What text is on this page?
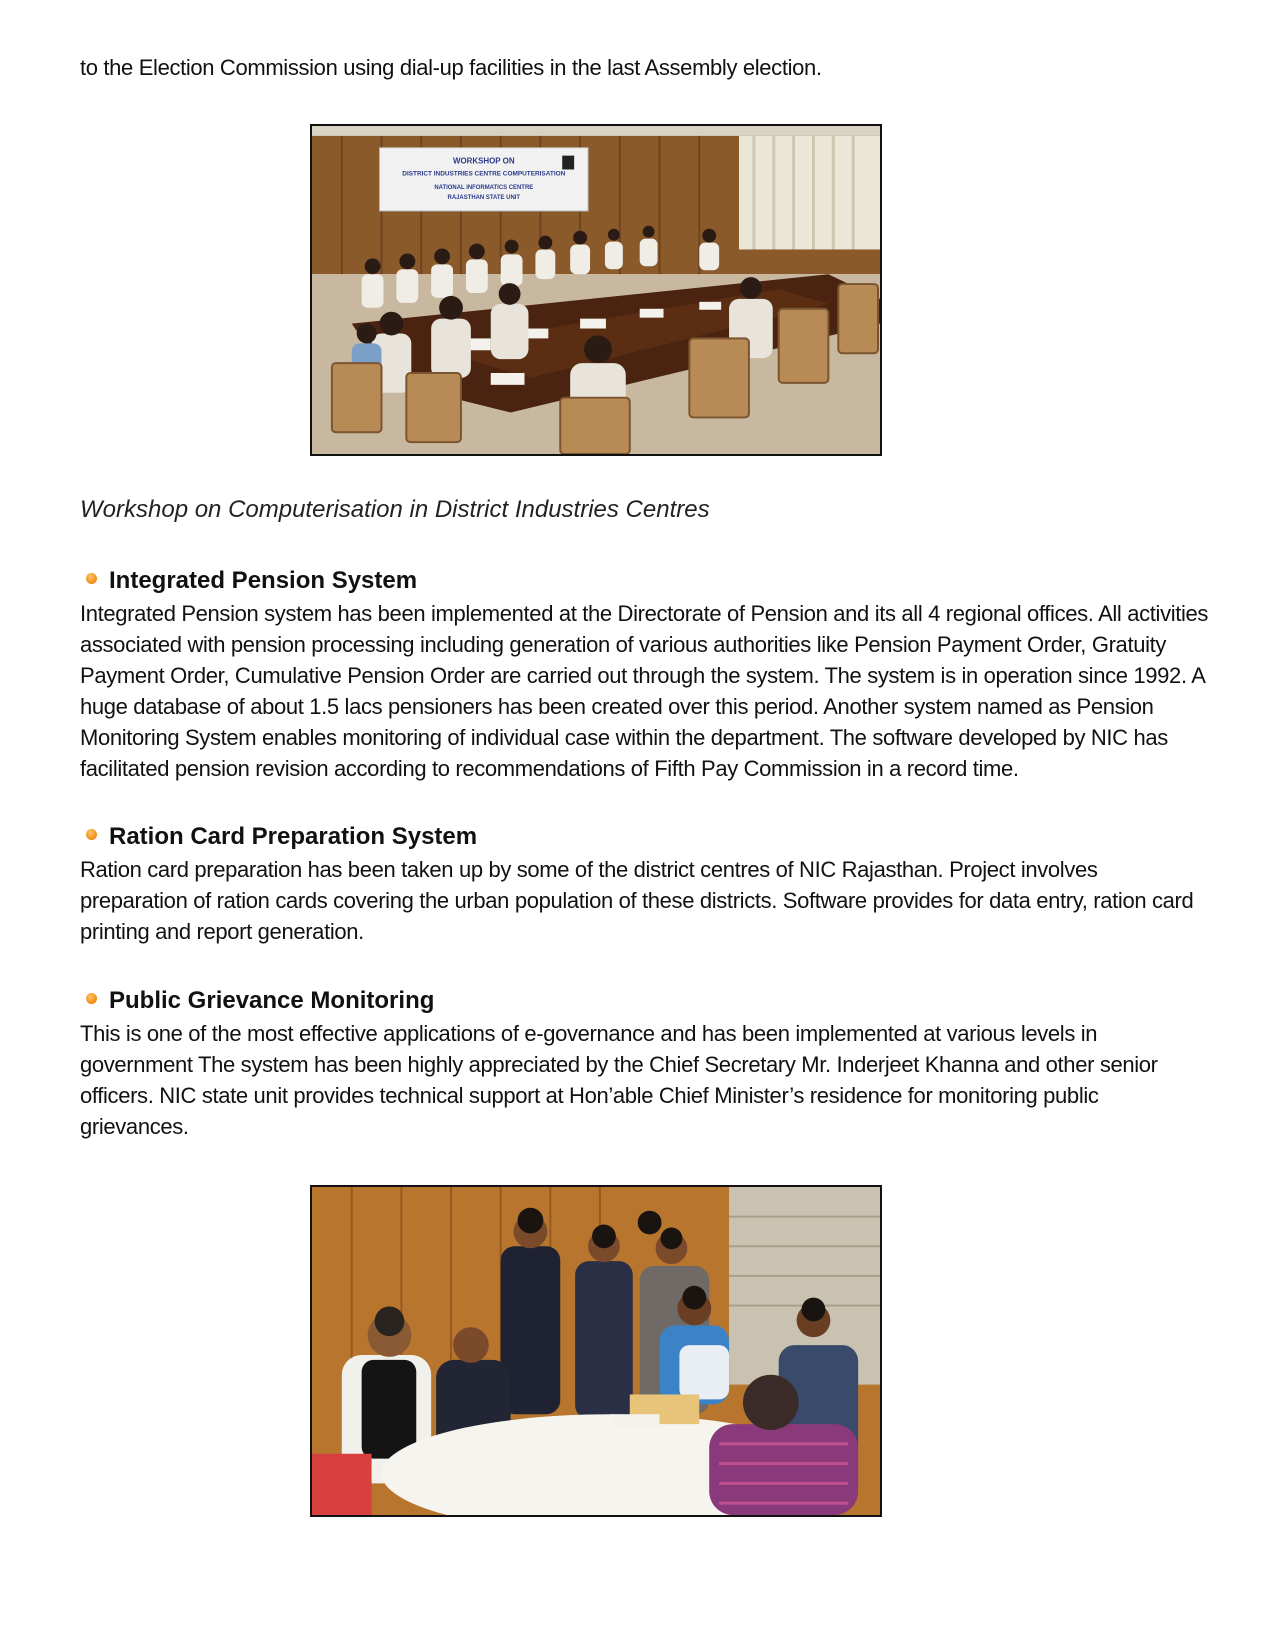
to the Election Commission using dial-up facilities in the last Assembly election.
WORKSHOP ON
DISTRICT INDUSTRIES CENTRE COMPUTERISATION
NATIONAL INFORMATICS CENTRE
RAJASTHAN STATE UNIT
Workshop on Computerisation in District Industries Centres
Integrated Pension System
Integrated Pension system has been implemented at the Directorate of Pension and its all 4 regional offices. All activities associated with pension processing including generation of various authorities like Pension Payment Order, Gratuity Payment Order, Cumulative Pension Order are carried out through the system. The system is in operation since 1992. A huge database of about 1.5 lacs pensioners has been created over this period. Another system named as Pension Monitoring System enables monitoring of individual case within the department. The software developed by NIC has facilitated pension revision according to recommendations of Fifth Pay Commission in a record time.
Ration Card Preparation System
Ration card preparation has been taken up by some of the district centres of NIC Rajasthan. Project involves preparation of ration cards covering the urban population of these districts. Software provides for data entry, ration card printing and report generation.
Public Grievance Monitoring
This is one of the most effective applications of e-governance and has been implemented at various levels in government The system has been highly appreciated by the Chief Secretary Mr. Inderjeet Khanna and other senior officers. NIC state unit provides technical support at Hon’able Chief Minister’s residence for monitoring public grievances.
